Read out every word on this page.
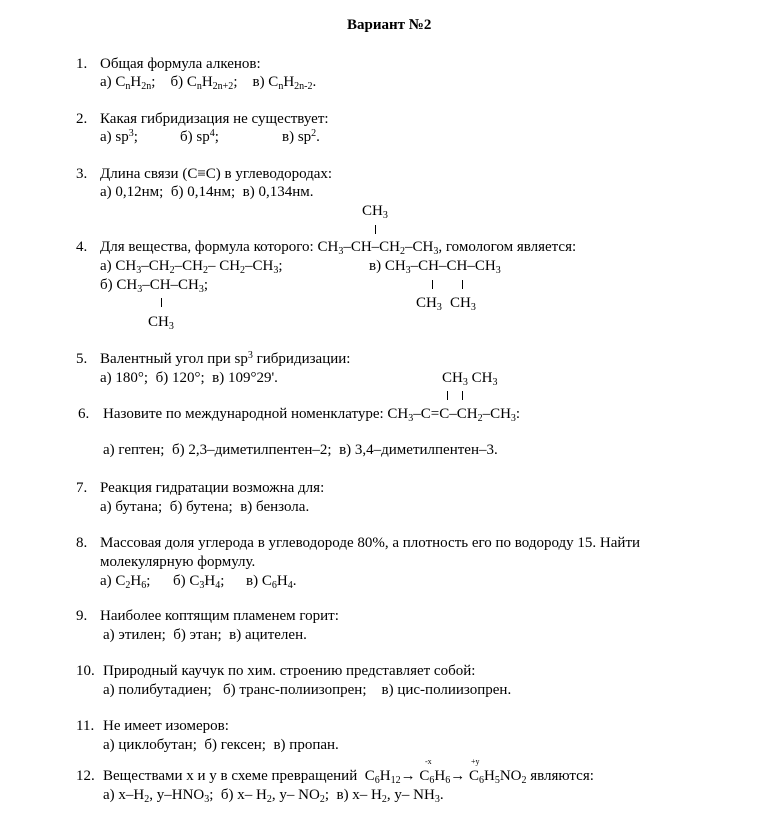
Вариант №2
1. Общая формула алкенов:
а) $C_nH_{2n}$; б) $C_nH_{2n+2}$; в) $C_nH_{2n-2}$.
2. Какая гибридизация не существует:
а) $sp^3$;	б) $sp^4$;	в) $sp^2$.
3. Длина связи (C≡C) в углеводородах:
а) 0,12нм;  б) 0,14нм;  в) 0,134нм.
$CH_3$
4. Для вещества, формула которого: $CH_3-CH-CH_2-CH_3$, гомологом является:
а) $CH_3-CH_2-CH_2-$ $CH_2-CH_3$;	в) $CH_3-CH-CH-CH_3$
б) $CH_3-CH-CH_3$;
$CH_3$ $CH_3$
$CH_3$
5. Валентный угол при $sp^3$ гибридизации:
а) 180°;  б) 120°;  в) 109°29'.	$CH_3$ $CH_3$
6. Назовите по международной номенклатуре: $CH_3-C=C-CH_2-CH_3$:
а) гептен;  б) 2,3–диметилпентен–2;  в) 3,4–диметилпентен–3.
7. Реакция гидратации возможна для:
а) бутана;  б) бутена;  в) бензола.
8. Массовая доля углерода в углеводороде 80%, а плотность его по водороду 15. Найти
молекулярную формулу.
а) $C_2H_6$; б) $C_3H_4$; в) $C_6H_4$.
9. Наиболее коптящим пламенем горит:
а) этилен;  б) этан;  в) ацителен.
10. Природный каучук по хим. строению представляет собой:
а) полибутадиен;   б) транс-полиизопрен;    в) цис-полиизопрен.
11. Не имеет изомеров:
а) циклобутан;  б) гексен;  в) пропан.
-x	+y
12. Веществами x и y в схеме превращений  $C_6H_{12}\to C_6H_6\to C_6H_5NO_2$ являются:
а) $x-H_2$, $y-HNO_3$;  б) x– $H_2$, y– $NO_2$;  в) x– $H_2$, y– $NH_3$.
